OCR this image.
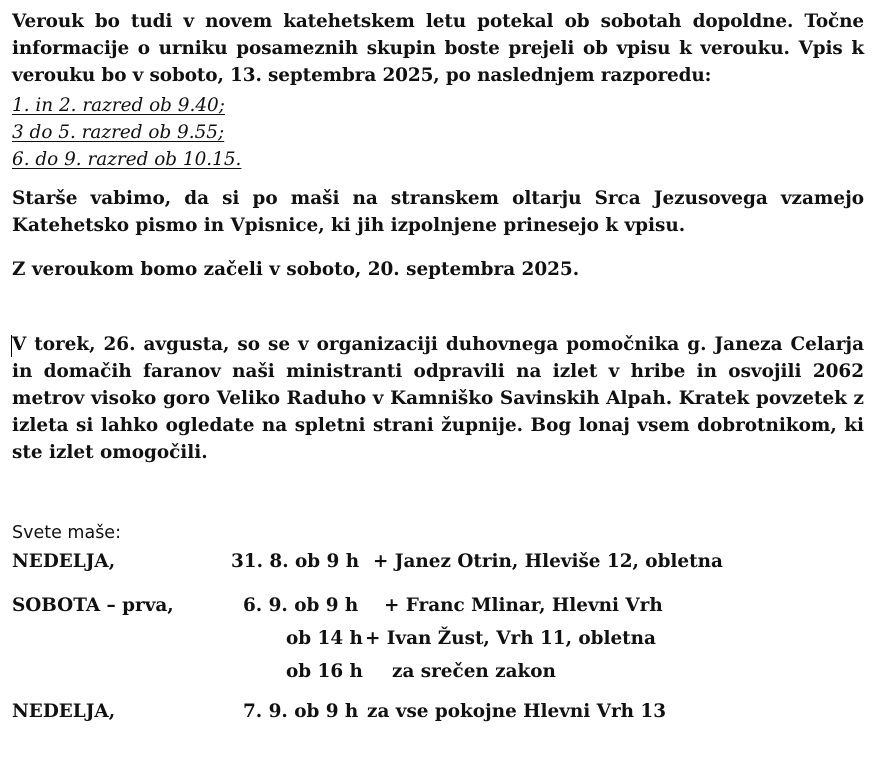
Verouk bo tudi v novem katehetskem letu potekal ob sobotah dopoldne. Točne informacije o urniku posameznih skupin boste prejeli ob vpisu k verouku. Vpis k verouku bo v soboto, 13. septembra 2025, po naslednjem razporedu:

1. in 2. razred ob 9.40;
3 do 5. razred ob 9.55;
6. do 9. razred ob 10.15.

Starše vabimo, da si po maši na stranskem oltarju Srca Jezusovega vzamejo Katehetsko pismo in Vpisnice, ki jih izpolnjene prinesejo k vpisu.

Z veroukom bomo začeli v soboto, 20. septembra 2025.

V torek, 26. avgusta, so se v organizaciji duhovnega pomočnika g. Janeza Celarja in domačih faranov naši ministranti odpravili na izlet v hribe in osvojili 2062 metrov visoko goro Veliko Raduho v Kamniško Savinskih Alpah. Kratek povzetek z izleta si lahko ogledate na spletni strani župnije. Bog lonaj vsem dobrotnikom, ki ste izlet omogočili.

Svete maše:

NEDELJA,	31. 8. ob 9 h + Janez Otrin, Hleviše 12, obletna
SOBOTA – prva,	6. 9. ob 9 h + Franc Mlinar, Hlevni Vrh
ob 14 h + Ivan Žust, Vrh 11, obletna
ob 16 h za srečen zakon
NEDELJA,	7. 9. ob 9 h za vse pokojne Hlevni Vrh 13
